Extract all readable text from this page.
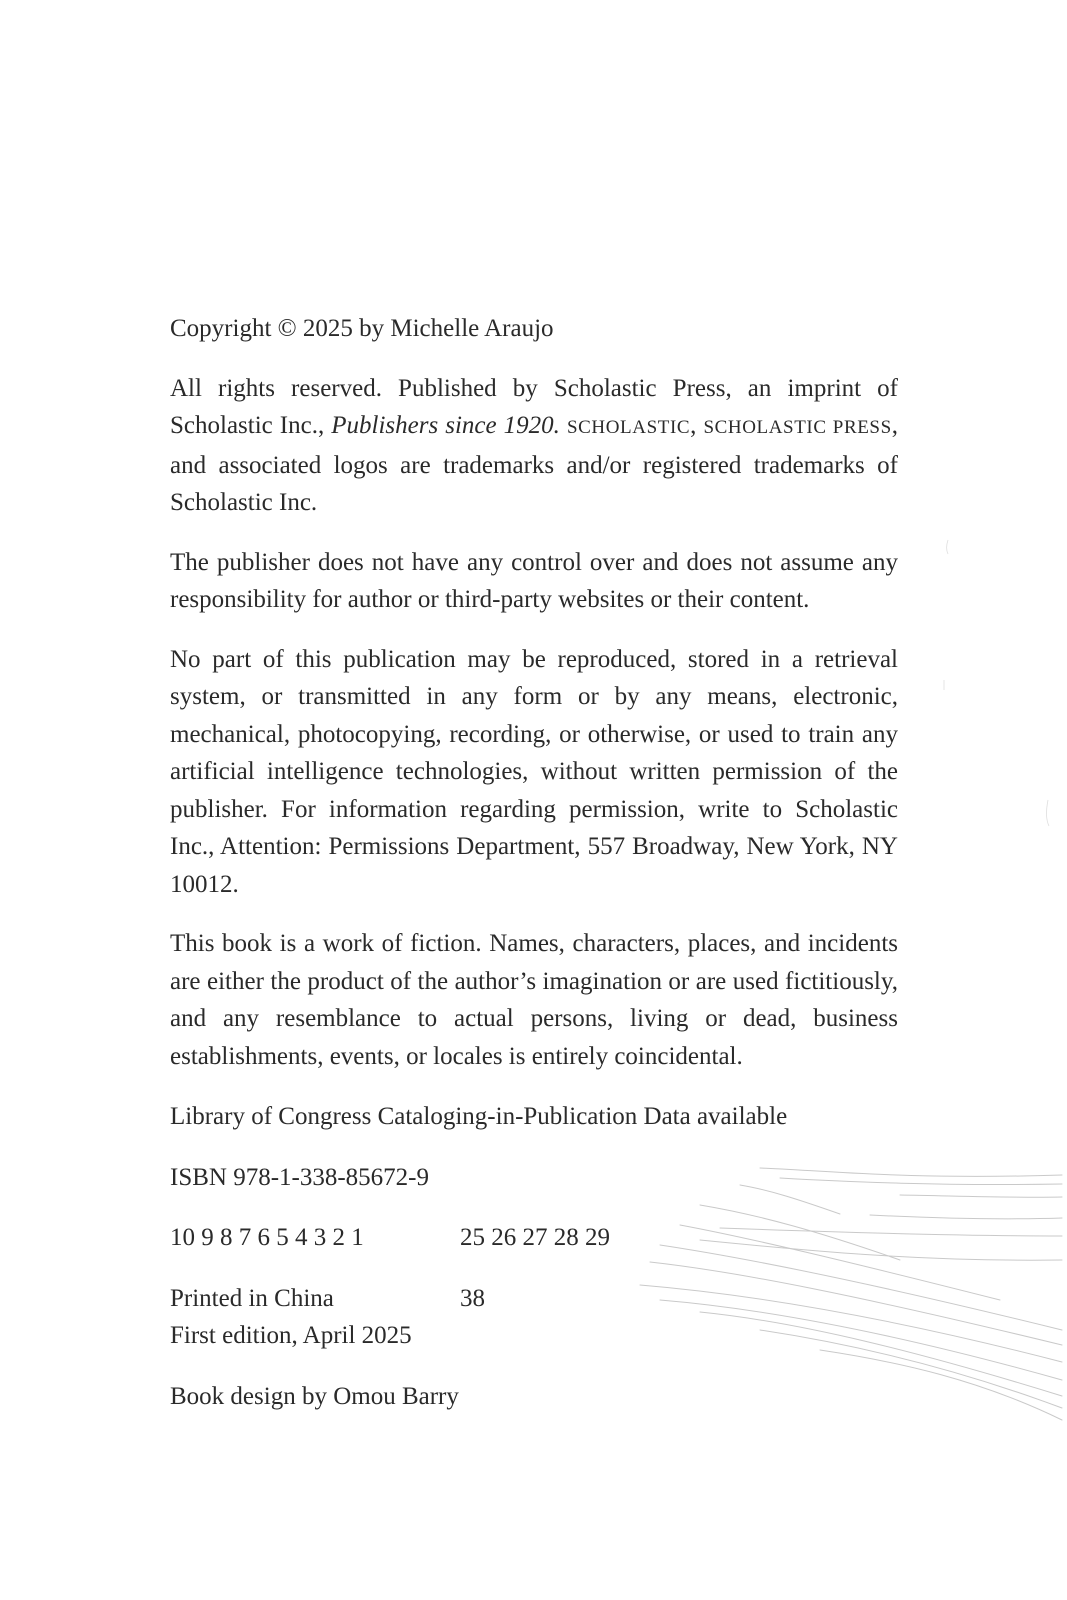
Copyright © 2025 by Michelle Araujo

All rights reserved. Published by Scholastic Press, an imprint of Scholastic Inc., Publishers since 1920. SCHOLASTIC, SCHOLASTIC PRESS, and associated logos are trademarks and/or registered trademarks of Scholastic Inc.

The publisher does not have any control over and does not assume any responsibility for author or third-party websites or their content.

No part of this publication may be reproduced, stored in a retrieval system, or transmitted in any form or by any means, electronic, mechanical, photocopying, recording, or otherwise, or used to train any artificial intelligence technologies, without written permission of the publisher. For information regarding permission, write to Scholastic Inc., Attention: Permissions Department, 557 Broadway, New York, NY 10012.

This book is a work of fiction. Names, characters, places, and incidents are either the product of the author’s imagination or are used fictitiously, and any resemblance to actual persons, living or dead, business establishments, events, or locales is entirely coincidental.

Library of Congress Cataloging-in-Publication Data available

ISBN 978-1-338-85672-9

10 9 8 7 6 5 4 3 2 1	25 26 27 28 29
Printed in China	38

First edition, April 2025

Book design by Omou Barry
